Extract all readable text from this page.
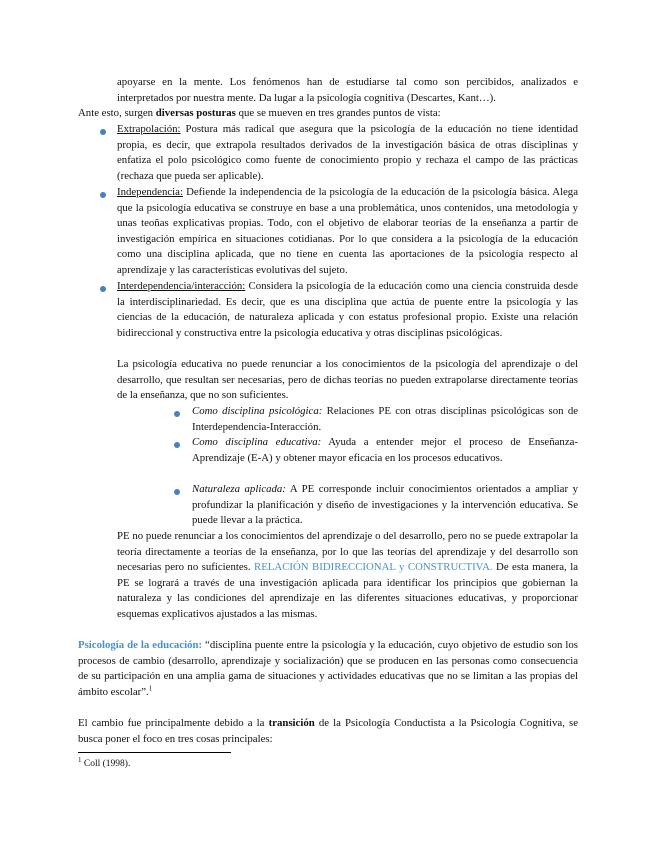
apoyarse en la mente. Los fenómenos han de estudiarse tal como son percibidos, analizados e interpretados por nuestra mente. Da lugar a la psicología cognitiva (Descartes, Kant…).

Ante esto, surgen diversas posturas que se mueven en tres grandes puntos de vista:

Extrapolación: Postura más radical que asegura que la psicología de la educación no tiene identidad propia, es decir, que extrapola resultados derivados de la investigación básica de otras disciplinas y enfatiza el polo psicológico como fuente de conocimiento propio y rechaza el campo de las prácticas (rechaza que pueda ser aplicable).

Independencia: Defiende la independencia de la psicología de la educación de la psicología básica. Alega que la psicología educativa se construye en base a una problemática, unos contenidos, una metodología y unas teoñas explicativas propias. Todo, con el objetivo de elaborar teorías de la enseñanza a partir de investigación empírica en situaciones cotidianas. Por lo que considera a la psicología de la educación como una disciplina aplicada, que no tiene en cuenta las aportaciones de la psicología respecto al aprendizaje y las características evolutivas del sujeto.

Interdependencia/interacción: Considera la psicología de la educación como una ciencia construida desde la interdisciplinariedad. Es decir, que es una disciplina que actúa de puente entre la psicología y las ciencias de la educación, de naturaleza aplicada y con estatus profesional propio. Existe una relación bidireccional y constructiva entre la psicología educativa y otras disciplinas psicológicas.

La psicología educativa no puede renunciar a los conocimientos de la psicología del aprendizaje o del desarrollo, que resultan ser necesarias, pero de dichas teorías no pueden extrapolarse directamente teorías de la enseñanza, que no son suficientes.

Como disciplina psicológica: Relaciones PE con otras disciplinas psicológicas son de Interdependencia-Interacción.

Como disciplina educativa: Ayuda a entender mejor el proceso de Enseñanza-Aprendizaje (E-A) y obtener mayor eficacia en los procesos educativos.

Naturaleza aplicada: A PE corresponde incluir conocimientos orientados a ampliar y profundizar la planificación y diseño de investigaciones y la intervención educativa. Se puede llevar a la práctica.

PE no puede renunciar a los conocimientos del aprendizaje o del desarrollo, pero no se puede extrapolar la teoría directamente a teorías de la enseñanza, por lo que las teorías del aprendizaje y del desarrollo son necesarias pero no suficientes. RELACIÓN BIDIRECCIONAL y CONSTRUCTIVA. De esta manera, la PE se logrará a través de una investigación aplicada para identificar los principios que gobiernan la naturaleza y las condiciones del aprendizaje en las diferentes situaciones educativas, y proporcionar esquemas explicativos ajustados a las mismas.

Psicología de la educación: “disciplina puente entre la psicología y la educación, cuyo objetivo de estudio son los procesos de cambio (desarrollo, aprendizaje y socialización) que se producen en las personas como consecuencia de su participación en una amplia gama de situaciones y actividades educativas que no se limitan a las propias del ámbito escolar”.$^1$

El cambio fue principalmente debido a la transición de la Psicología Conductista a la Psicología Cognitiva, se busca poner el foco en tres cosas principales:

$^1$ Coll (1998).
